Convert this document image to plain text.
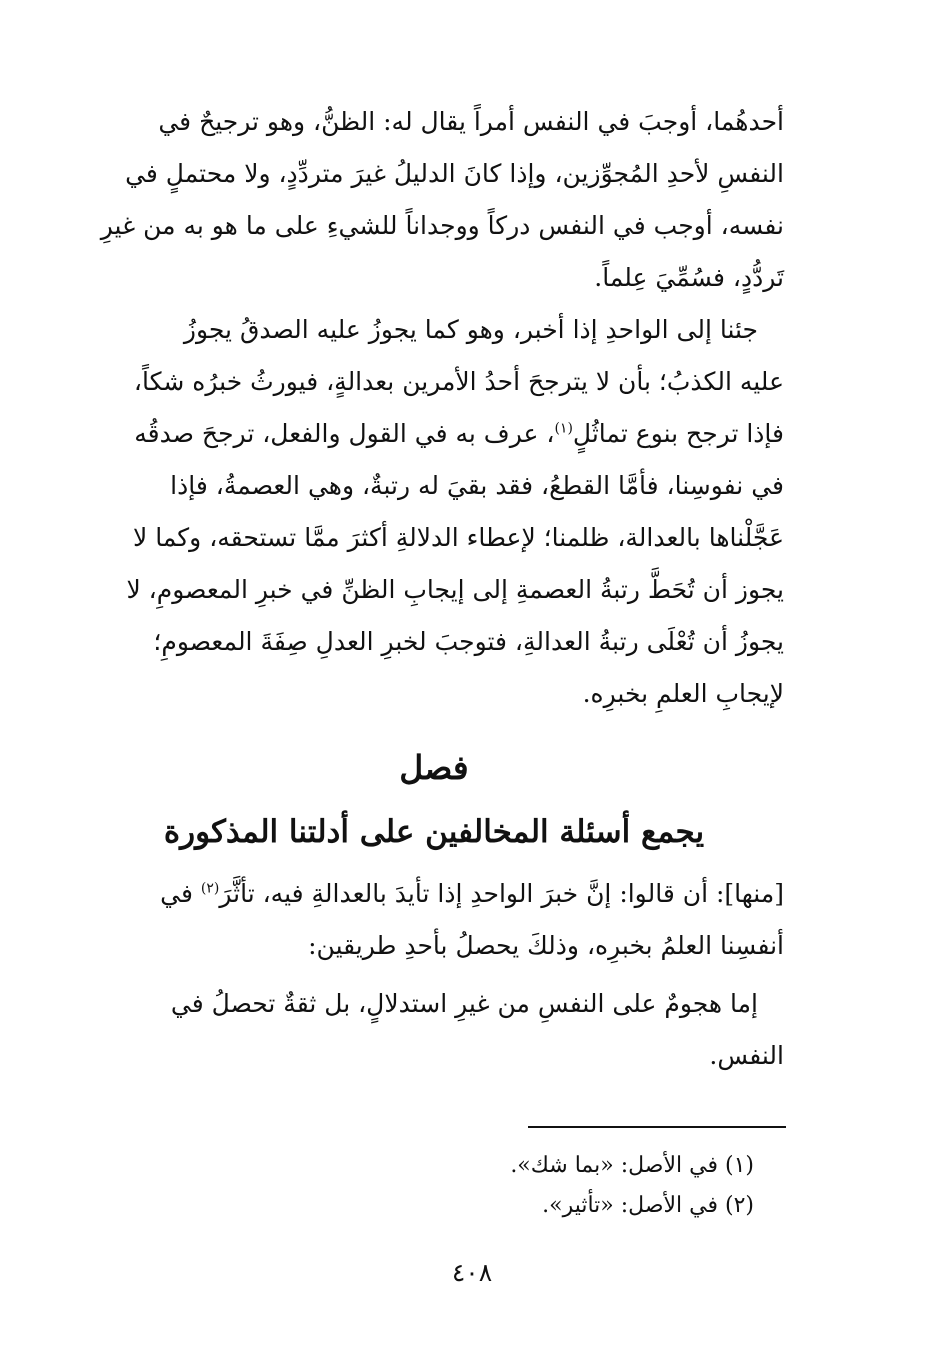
أحدهُما، أوجبَ في النفس أمراً يقال له: الظنُّ، وهو ترجيحٌ في
النفسِ لأحدِ المُجوِّزين، وإذا كانَ الدليلُ غيرَ متردِّدٍ، ولا محتملٍ في
نفسه، أوجب في النفس دركاً ووجداناً للشيءِ على ما هو به من غيرِ
تَردُّدٍ، فسُمِّيَ عِلماً.
جئنا إلى الواحدِ إذا أخبر، وهو كما يجوزُ عليه الصدقُ يجوزُ
عليه الكذبُ؛ بأن لا يترجحَ أحدُ الأمرين بعدالةٍ، فيورثُ خبرُه شكاً،
فإذا ترجح بنوع تماثُلٍ$^{(١)}$، عرف به في القول والفعل، ترجحَ صدقُه
في نفوسِنا، فأمَّا القطعُ، فقد بقيَ له رتبةٌ، وهي العصمةُ، فإذا
عَجَّلْناها بالعدالة، ظلمنا؛ لإعطاء الدلالةِ أكثرَ ممَّا تستحقه، وكما لا
يجوز أن تُحَطَّ رتبةُ العصمةِ إلى إيجابِ الظنِّ في خبرِ المعصومِ، لا
يجوزُ أن تُعْلَى رتبةُ العدالةِ، فتوجبَ لخبرِ العدلِ صِفَةَ المعصومِ؛
لإيجابِ العلمِ بخبرِه.
فصل
يجمع أسئلة المخالفين على أدلتنا المذكورة
[منها]: أن قالوا: إنَّ خبرَ الواحدِ إذا تأيدَ بالعدالةِ فيه، تأثَّرَ$^{(٢)}$ في
أنفسِنا العلمُ بخبرِه، وذلكَ يحصلُ بأحدِ طريقين:
إما هجومٌ على النفسِ من غيرِ استدلالٍ، بل ثقةٌ تحصلُ في
النفس.
(١) في الأصل: «بما شك».
(٢) في الأصل: «تأثير».
٤٠٨
